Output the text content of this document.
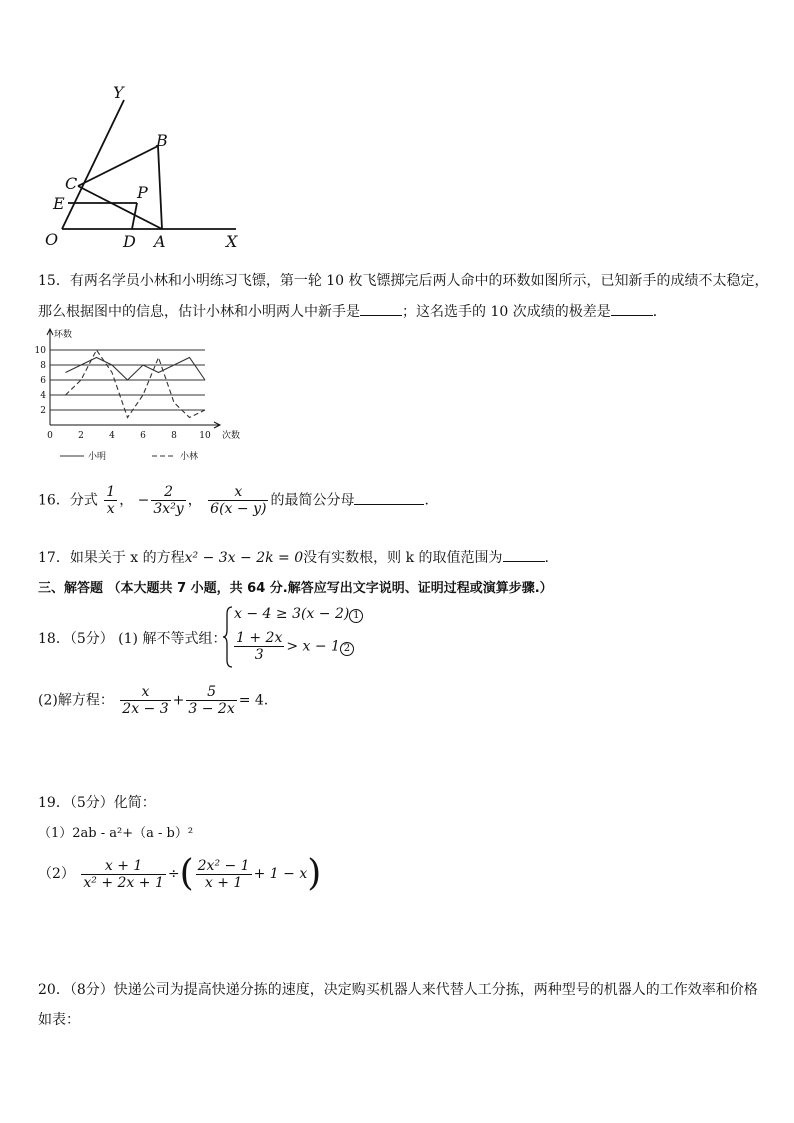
Y
B
C	P
E
O	D A	X
15．有两名学员小林和小明练习飞镖，第一轮 10 枚飞镖掷完后两人命中的环数如图所示，已知新手的成绩不太稳定，
那么根据图中的信息，估计小林和小明两人中新手是	；这名选手的 10 次成绩的极差是	．
2
4
6
8
10
0	2	4	6	8 10
环数
次数
小明	小林
16．分式 $\frac{1}{x}$ ， − $\frac{2}{\text{3x²y}}$ ， $\frac{x}{6(x - y)}$ 的最简公分母	.
17．如果关于 x 的方程x² − 3x − 2k = 0没有实数根，则 k 的取值范围为	.
三、解答题 （本大题共 7 小题，共 64 分.解答应写出文字说明、证明过程或演算步骤.）
18．（5分） (1) 解不等式组：
x − 4 ≥ 3(x − 2) 1
$\frac{1 + 2x}{3} > x - 1$ 2
(2)解方程： $\frac{x}{2x - 3} + \frac{5}{3 - 2x} = 4$.
19．（5分）化简：
（1）2ab - a²+（a - b）²
$(2) \frac{x + 1}{\text{x² + 2x + 1}}$ ÷( $\frac{\text{2x² − 1}}{x + 1} + 1 - x$)
20．（8分）快递公司为提高快递分拣的速度，决定购买机器人来代替人工分拣，两种型号的机器人的工作效率和价格
如表：
